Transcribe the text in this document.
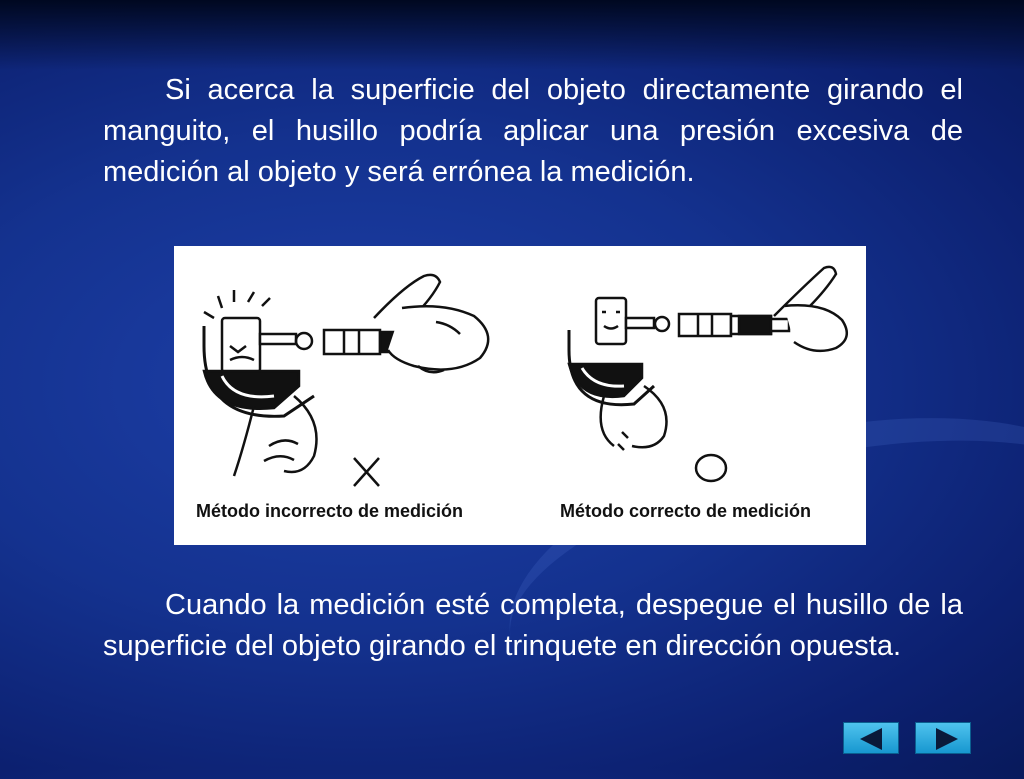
Si acerca la superficie del objeto directamente girando el manguito, el husillo podría aplicar una presión excesiva de medición al objeto y será errónea la medición.

Método incorrecto de medición	Método correcto de medición

Cuando la medición esté completa, despegue el husillo de la superficie del objeto girando el trinquete en dirección opuesta.
